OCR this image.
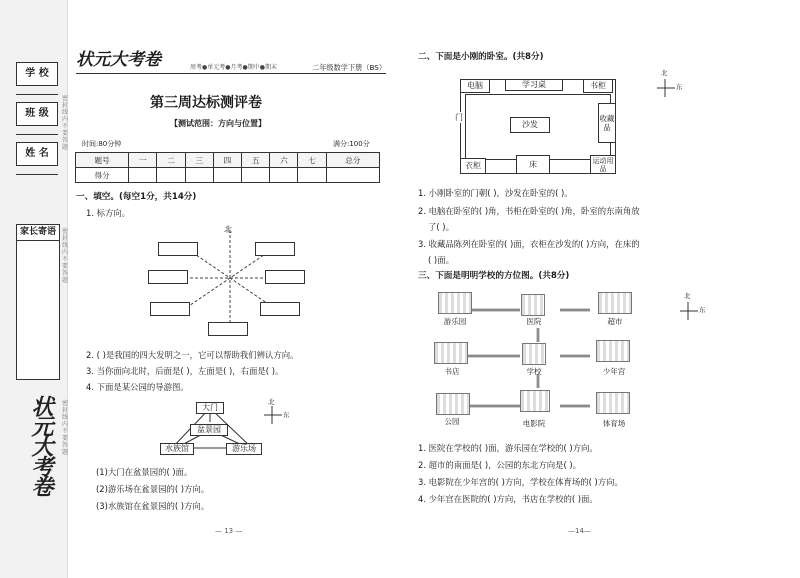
学 校
班 级
姓 名
家长寄语
密封线内不要答题
密封线内不要答题
密封线内不要答题
状元大考卷
状元大考卷	周考●单元考●月考●期中●期末	二年级数学下册（BS）
第三周达标测评卷
【测试范围：方向与位置】
时间:80分钟	满分:100分
题号	一	二	三	四	五	六	七	总分
得分								
一、填空。(每空1分，共14分)
1. 标方向。
北
2. ( )是我国的四大发明之一，它可以帮助我们辨认方向。
3. 当你面向北时，后面是( )，左面是( )，右面是( )。
4. 下面是某公园的导游图。
大门
盆景园
水族馆	游乐场
北
东
(1)大门在盆景园的( )面。
(2)游乐场在盆景园的( )方向。
(3)水族馆在盆景园的( )方向。
— 13 —
二、下面是小刚的卧室。(共8分)
电脑	学习桌	书柜
门
沙发
收藏品
衣柜	床	运动用品
北
东
1. 小刚卧室的门朝( )，沙发在卧室的( )。
2. 电脑在卧室的( )角，书柜在卧室的( )角，卧室的东南角放
了( )。
3. 收藏品陈列在卧室的( )面，衣柜在沙发的( )方向，在床的
( )面。
三、下面是明明学校的方位图。(共8分)
游乐园	医院	超市
书店	学校	少年宫
公园	电影院	体育场
北
东
1. 医院在学校的( )面，游乐园在学校的( )方向。
2. 超市的南面是( )，公园的东北方向是( )。
3. 电影院在少年宫的( )方向，学校在体育场的( )方向。
4. 少年宫在医院的( )方向，书店在学校的( )面。
—14—
